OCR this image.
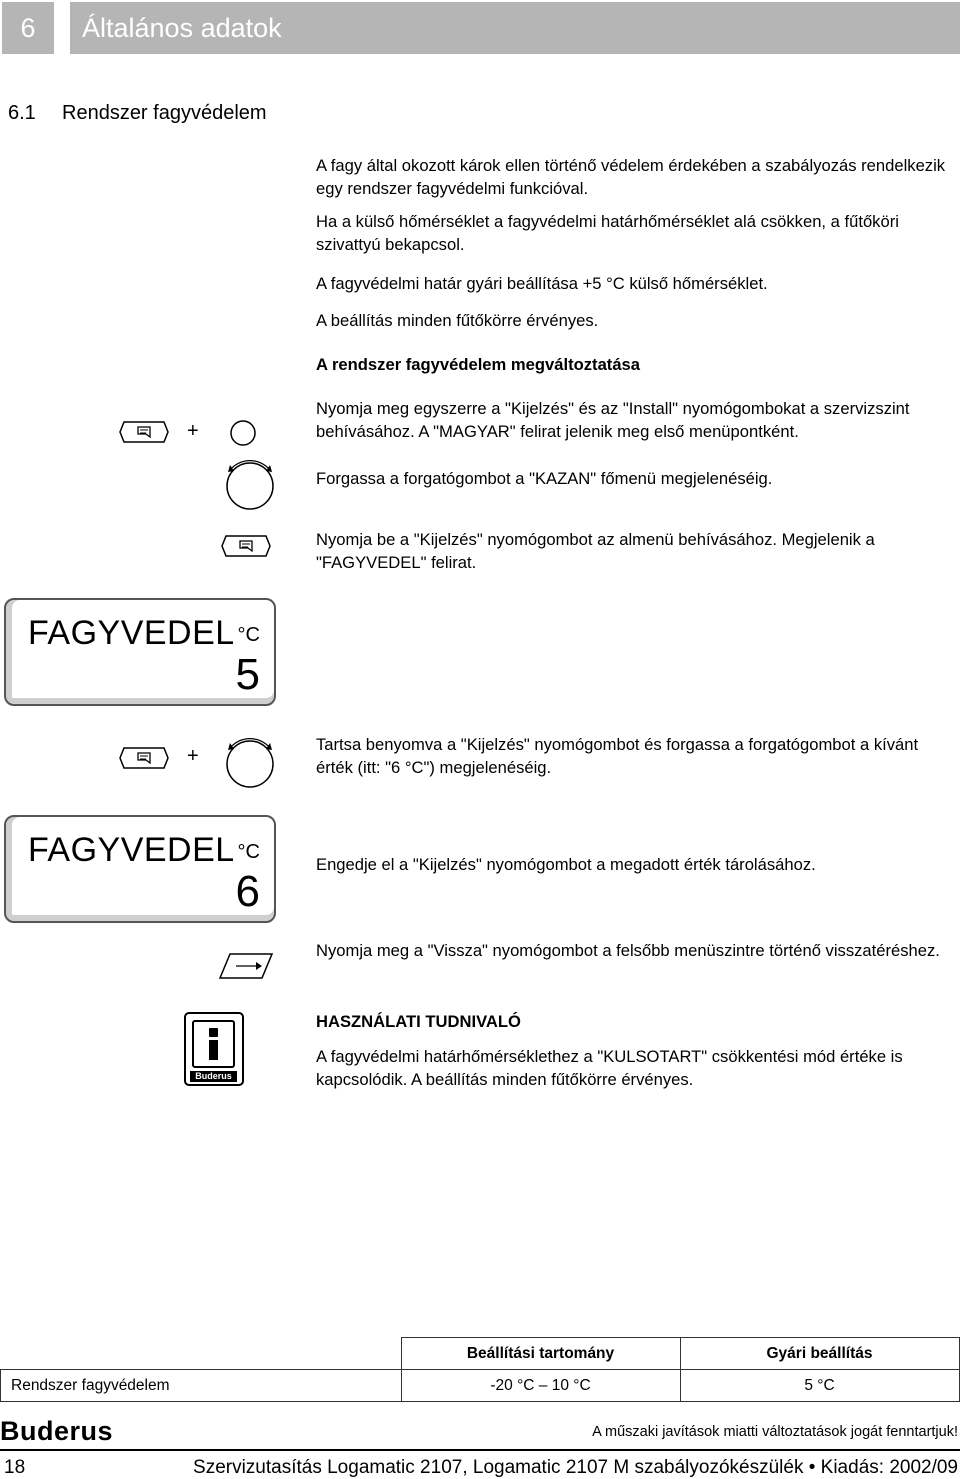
6	Általános adatok
6.1 Rendszer fagyvédelem
A fagy által okozott károk ellen történő védelem érdekében a szabályozás rendelkezik egy rendszer fagyvédelmi funkcióval.
Ha a külső hőmérséklet a fagyvédelmi határhőmérséklet alá csökken, a fűtőköri szivattyú bekapcsol.
A fagyvédelmi határ gyári beállítása +5 °C külső hőmérséklet.
A beállítás minden fűtőkörre érvényes.
A rendszer fagyvédelem megváltoztatása
+
Nyomja meg egyszerre a "Kijelzés" és az "Install" nyomógombokat a szervizszint behívásához. A "MAGYAR" felirat jelenik meg első menüpontként.
Forgassa a forgatógombot a "KAZAN" főmenü megjelenéséig.
Nyomja be a "Kijelzés" nyomógombot az almenü behívásához. Megjelenik a "FAGYVEDEL" felirat.
FAGYVEDEL °C
5
+
Tartsa benyomva a "Kijelzés" nyomógombot és forgassa a forgatógombot a kívánt érték (itt: "6 °C") megjelenéséig.
FAGYVEDEL °C
6
Engedje el a "Kijelzés" nyomógombot a megadott érték tárolásához.
Nyomja meg a "Vissza" nyomógombot a felsőbb menüszintre történő visszatéréshez.
Buderus
HASZNÁLATI TUDNIVALÓ
A fagyvédelmi határhőmérséklethez a "KULSOTART" csökkentési mód értéke is kapcsolódik. A beállítás minden fűtőkörre érvényes.
	Beállítási tartomány	Gyári beállítás
Rendszer fagyvédelem	-20 °C – 10 °C	5 °C
Buderus	A műszaki javítások miatti változtatások jogát fenntartjuk!
18	Szervizutasítás Logamatic 2107, Logamatic 2107 M szabályozókészülék • Kiadás: 2002/09
